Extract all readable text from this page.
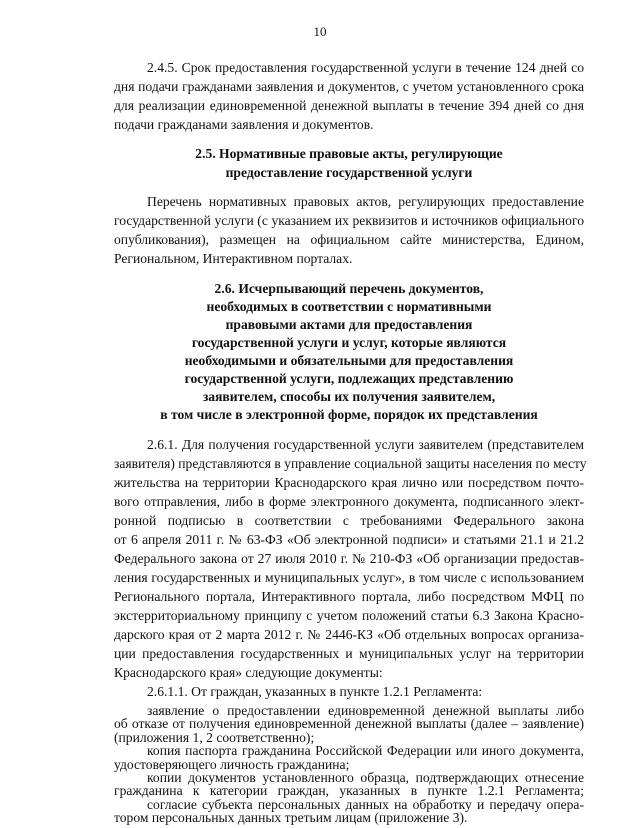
10
2.4.5. Срок предоставления государственной услуги в течение 124 дней со
дня подачи гражданами заявления и документов, с учетом установленного срока
для реализации единовременной денежной выплаты в течение 394 дней со дня
подачи гражданами заявления и документов.
2.5. Нормативные правовые акты, регулирующие
предоставление государственной услуги
Перечень нормативных правовых актов, регулирующих предоставление
государственной услуги (с указанием их реквизитов и источников официального
опубликования), размещен на официальном сайте министерства, Едином,
Региональном, Интерактивном порталах.
2.6. Исчерпывающий перечень документов,
необходимых в соответствии с нормативными
правовыми актами для предоставления
государственной услуги и услуг, которые являются
необходимыми и обязательными для предоставления
государственной услуги, подлежащих представлению
заявителем, способы их получения заявителем,
в том числе в электронной форме, порядок их представления
2.6.1. Для получения государственной услуги заявителем (представителем
заявителя) представляются в управление социальной защиты населения по месту
жительства на территории Краснодарского края лично или посредством почто-
вого отправления, либо в форме электронного документа, подписанного элект-
ронной подписью в соответствии с требованиями Федерального закона
от 6 апреля 2011 г. № 63-ФЗ «Об электронной подписи» и статьями 21.1 и 21.2
Федерального закона от 27 июля 2010 г. № 210-ФЗ «Об организации предостав-
ления государственных и муниципальных услуг», в том числе с использованием
Регионального портала, Интерактивного портала, либо посредством МФЦ по
экстерриториальному принципу с учетом положений статьи 6.3 Закона Красно-
дарского края от 2 марта 2012 г. № 2446-КЗ «Об отдельных вопросах организа-
ции предоставления государственных и муниципальных услуг на территории
Краснодарского края» следующие документы:
2.6.1.1. От граждан, указанных в пункте 1.2.1 Регламента:
заявление о предоставлении единовременной денежной выплаты либо
об отказе от получения единовременной денежной выплаты (далее – заявление)
(приложения 1, 2 соответственно);
копия паспорта гражданина Российской Федерации или иного документа,
удостоверяющего личность гражданина;
копии документов установленного образца, подтверждающих отнесение
гражданина к категории граждан, указанных в пункте 1.2.1 Регламента;
согласие субъекта персональных данных на обработку и передачу опера-
тором персональных данных третьим лицам (приложение 3).
